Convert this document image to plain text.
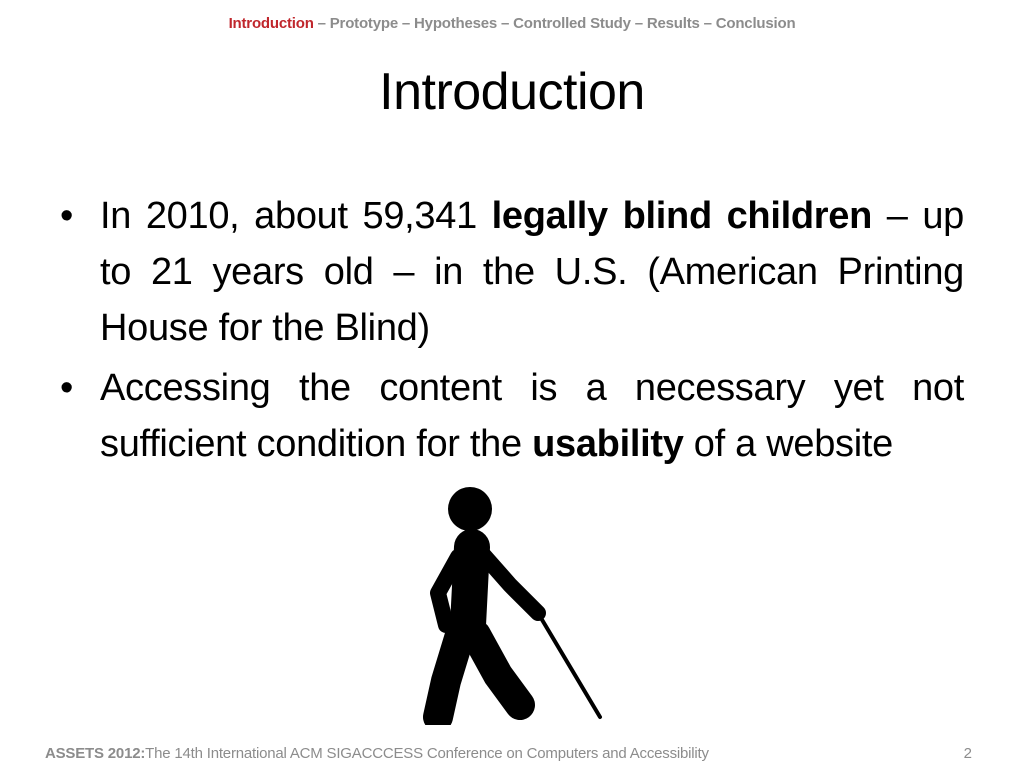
Introduction – Prototype – Hypotheses – Controlled Study – Results – Conclusion
Introduction
• In 2010, about 59,341 legally blind children – up to 21 years old – in the U.S. (American Printing House for the Blind)
• Accessing the content is a necessary yet not sufficient condition for the usability of a website
ASSETS 2012:The 14th International ACM SIGACCCESS Conference on Computers and Accessibility	2
